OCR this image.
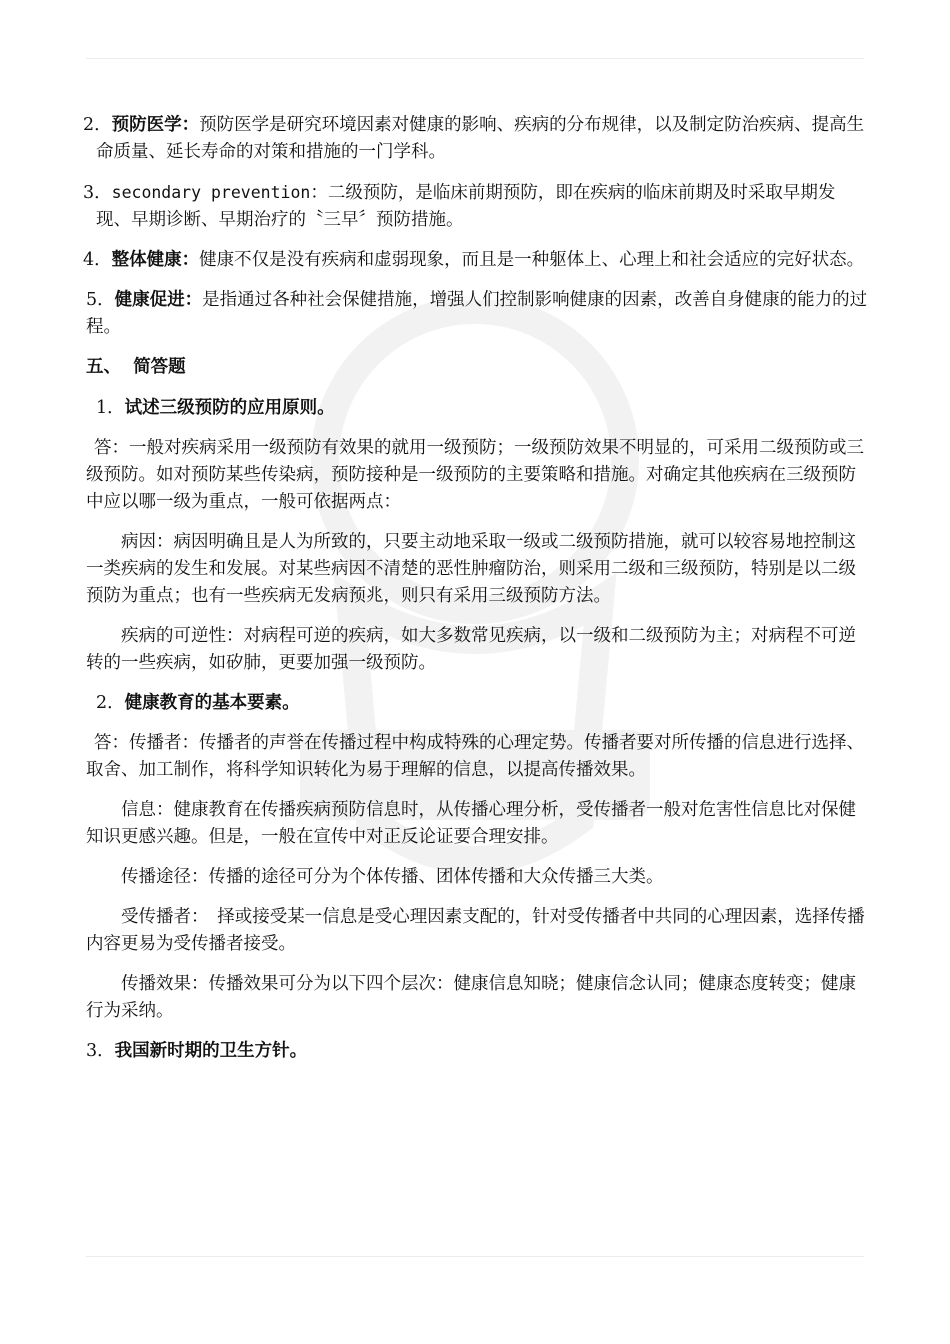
2．预防医学：预防医学是研究环境因素对健康的影响、疾病的分布规律，以及制定防治疾病、提高生命质量、延长寿命的对策和措施的一门学科。

3．secondary prevention：二级预防，是临床前期预防，即在疾病的临床前期及时采取早期发现、早期诊断、早期治疗的〝三早〞预防措施。

4．整体健康：健康不仅是没有疾病和虚弱现象，而且是一种躯体上、心理上和社会适应的完好状态。

5．健康促进：是指通过各种社会保健措施，增强人们控制影响健康的因素，改善自身健康的能力的过程。

五、 简答题

1．试述三级预防的应用原则。

答：一般对疾病采用一级预防有效果的就用一级预防；一级预防效果不明显的，可采用二级预防或三级预防。如对预防某些传染病，预防接种是一级预防的主要策略和措施。对确定其他疾病在三级预防中应以哪一级为重点，一般可依据两点：

病因：病因明确且是人为所致的，只要主动地采取一级或二级预防措施，就可以较容易地控制这一类疾病的发生和发展。对某些病因不清楚的恶性肿瘤防治，则采用二级和三级预防，特别是以二级预防为重点；也有一些疾病无发病预兆，则只有采用三级预防方法。

疾病的可逆性：对病程可逆的疾病，如大多数常见疾病，以一级和二级预防为主；对病程不可逆转的一些疾病，如矽肺，更要加强一级预防。

2．健康教育的基本要素。

答：传播者：传播者的声誉在传播过程中构成特殊的心理定势。传播者要对所传播的信息进行选择、取舍、加工制作，将科学知识转化为易于理解的信息，以提高传播效果。

信息：健康教育在传播疾病预防信息时，从传播心理分析，受传播者一般对危害性信息比对保健知识更感兴趣。但是，一般在宣传中对正反论证要合理安排。

传播途径：传播的途径可分为个体传播、团体传播和大众传播三大类。

受传播者：　择或接受某一信息是受心理因素支配的，针对受传播者中共同的心理因素，选择传播内容更易为受传播者接受。

传播效果：传播效果可分为以下四个层次：健康信息知晓；健康信念认同；健康态度转变；健康行为采纳。

3．我国新时期的卫生方针。
